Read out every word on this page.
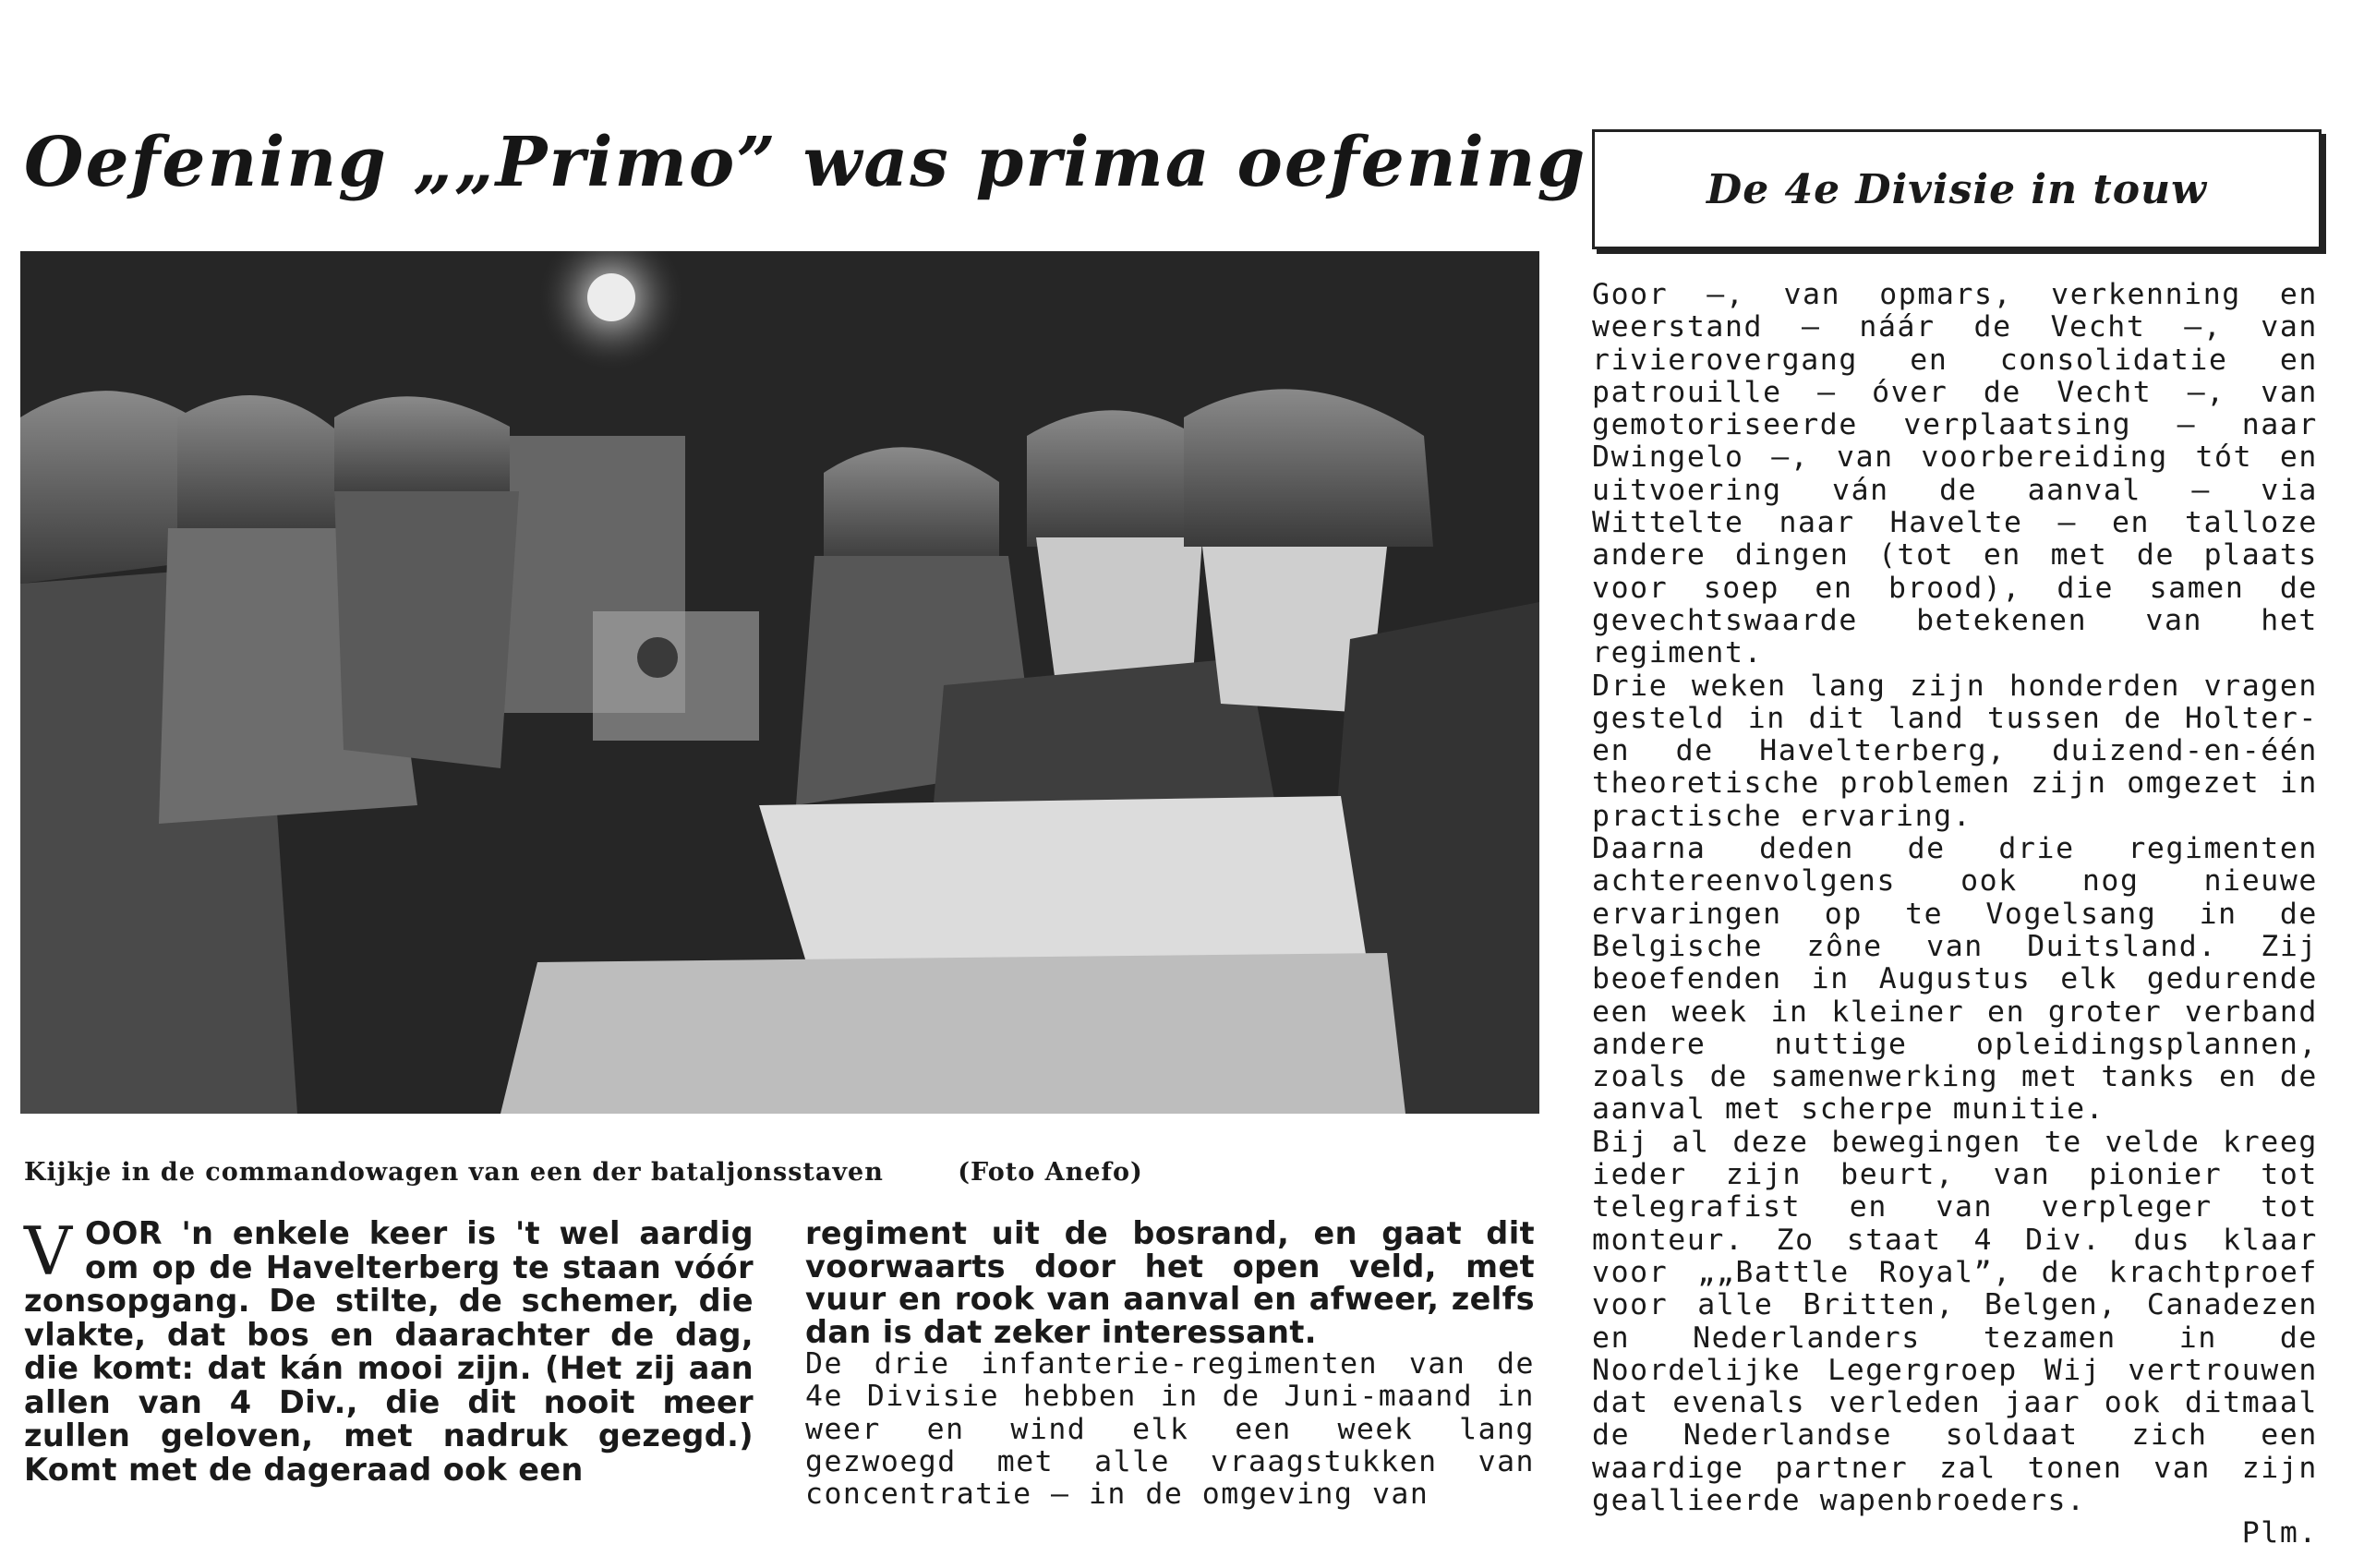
Oefening „„Primo” was prima oefening
Kijkje in de commandowagen van een der bataljonsstaven	(Foto Anefo)
V OOR 'n enkele keer is 't wel aardig om op de Havelterberg te staan vóór zonsopgang. De stilte, de schemer, die vlakte, dat bos en daarachter de dag, die komt: dat kán mooi zijn. (Het zij aan allen van 4 Div., die dit nooit meer zullen geloven, met nadruk gezegd.) Komt met de dageraad ook een
regiment uit de bosrand, en gaat dit voorwaarts door het open veld, met vuur en rook van aanval en afweer, zelfs dan is dat zeker interessant.
De drie infanterie-regimenten van de 4e Divisie hebben in de Juni-maand in weer en wind elk een week lang gezwoegd met alle vraagstukken van concentratie — in de omgeving van
De 4e Divisie in touw

Goor —, van opmars, verkenning en weerstand — náár de Vecht —, van rivierovergang en consolidatie en patrouille — óver de Vecht —, van gemotoriseerde verplaatsing — naar Dwingelo —, van voorbereiding tót en uitvoering ván de aanval — via Wittelte naar Havelte — en talloze andere dingen (tot en met de plaats voor soep en brood), die samen de gevechtswaarde betekenen van het regiment.

Drie weken lang zijn honderden vragen gesteld in dit land tussen de Holter- en de Havelterberg, duizend-en-één theoretische problemen zijn omgezet in practische ervaring.

Daarna deden de drie regimenten achtereenvolgens ook nog nieuwe ervaringen op te Vogelsang in de Belgische zône van Duitsland. Zij beoefenden in Augustus elk gedurende een week in kleiner en groter verband andere nuttige opleidingsplannen, zoals de samenwerking met tanks en de aanval met scherpe munitie.

Bij al deze bewegingen te velde kreeg ieder zijn beurt, van pionier tot telegrafist en van verpleger tot monteur. Zo staat 4 Div. dus klaar voor „„Battle Royal”, de krachtproef voor alle Britten, Belgen, Canadezen en Nederlanders tezamen in de Noordelijke Legergroep Wij vertrouwen dat evenals verleden jaar ook ditmaal de Nederlandse soldaat zich een waardige partner zal tonen van zijn geallieerde wapenbroeders.

Plm.
